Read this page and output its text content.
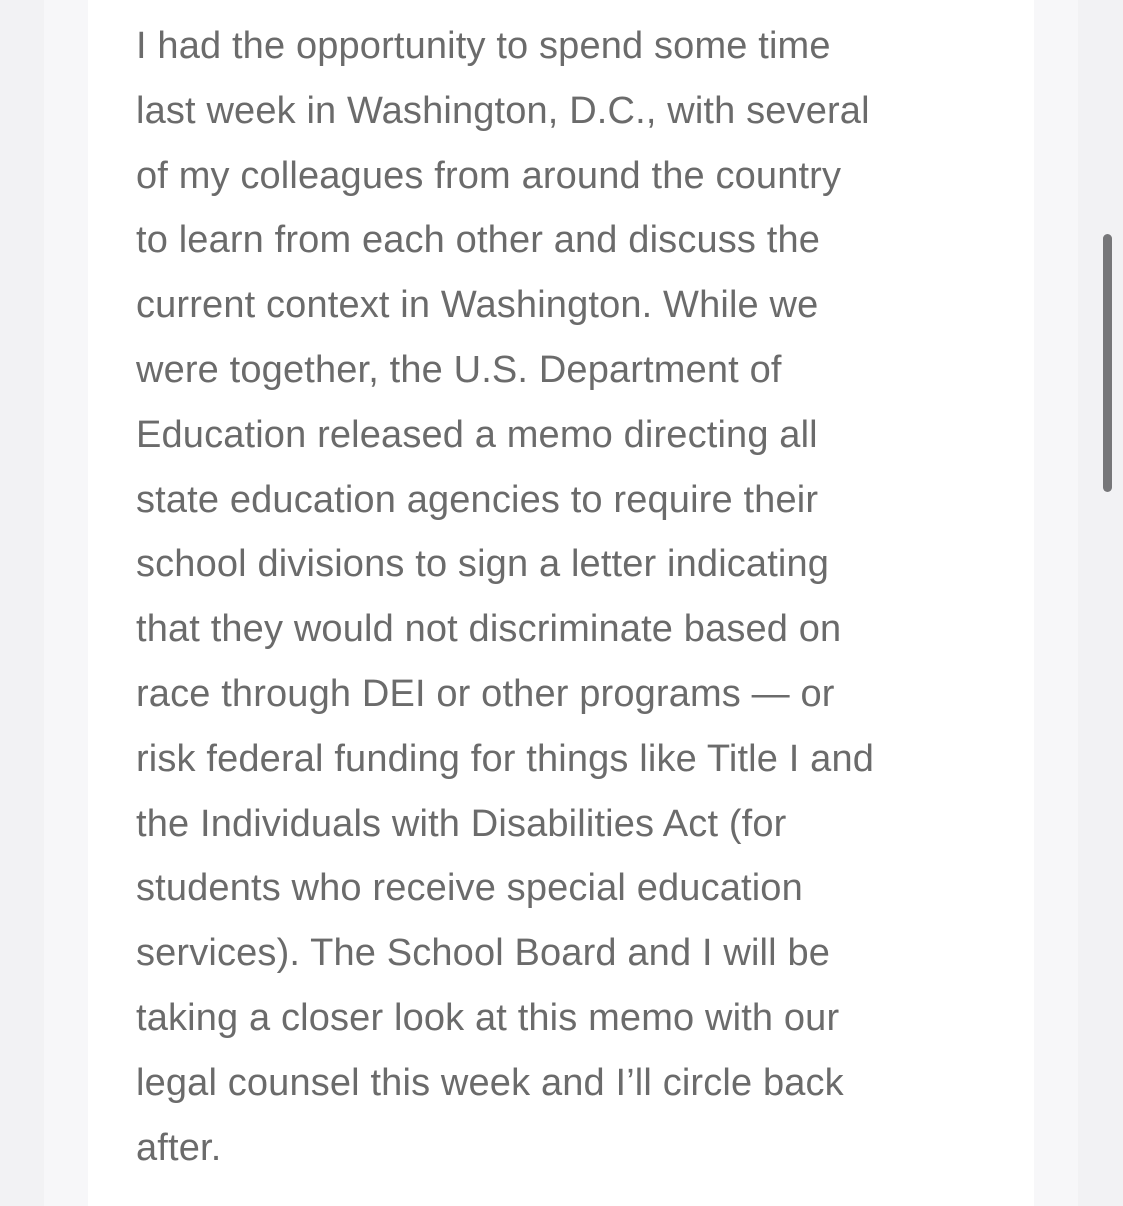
I had the opportunity to spend some time
last week in Washington, D.C., with several
of my colleagues from around the country
to learn from each other and discuss the
current context in Washington. While we
were together, the U.S. Department of
Education released a memo directing all
state education agencies to require their
school divisions to sign a letter indicating
that they would not discriminate based on
race through DEI or other programs — or
risk federal funding for things like Title I and
the Individuals with Disabilities Act (for
students who receive special education
services). The School Board and I will be
taking a closer look at this memo with our
legal counsel this week and I’ll circle back
after.
